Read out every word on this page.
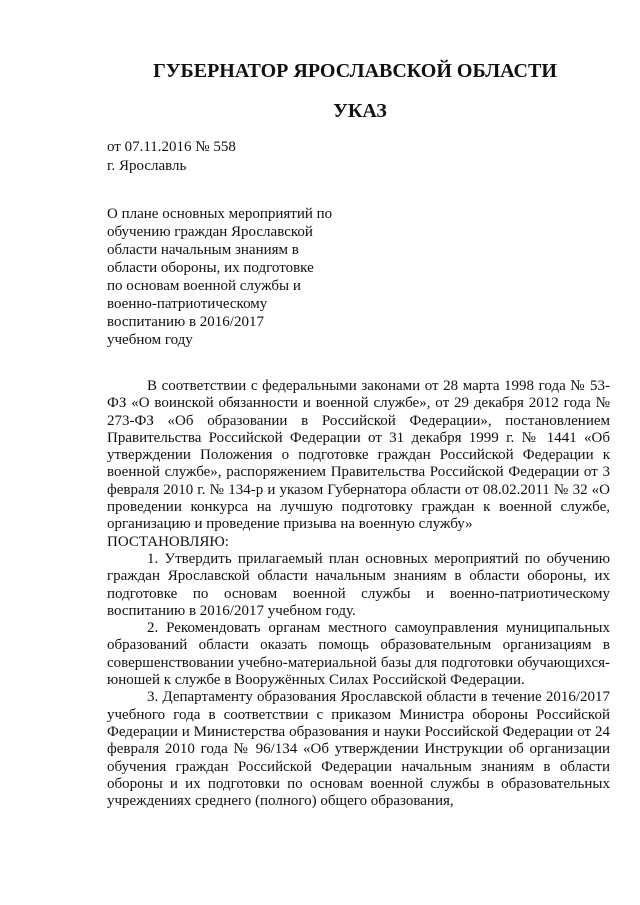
ГУБЕРНАТОР ЯРОСЛАВСКОЙ ОБЛАСТИ
УКАЗ
от 07.11.2016 № 558
г. Ярославль
О плане основных мероприятий по
обучению граждан Ярославской
области начальным знаниям в
области обороны, их подготовке
по основам военной службы и
военно-патриотическому
воспитанию в 2016/2017
учебном году

В соответствии с федеральными законами от 28 марта 1998 года № 53-ФЗ «О воинской обязанности и военной службе», от 29 декабря 2012 года № 273-ФЗ «Об образовании в Российской Федерации», постановлением Правительства Российской Федерации от 31 декабря 1999 г. № 1441 «Об утверждении Положения о подготовке граждан Российской Федерации к военной службе», распоряжением Правительства Российской Федерации от 3 февраля 2010 г. № 134-р и указом Губернатора области от 08.02.2011 № 32 «О проведении конкурса на лучшую подготовку граждан к военной службе, организацию и проведение призыва на военную службу»

ПОСТАНОВЛЯЮ:

1. Утвердить прилагаемый план основных мероприятий по обучению граждан Ярославской области начальным знаниям в области обороны, их подготовке по основам военной службы и военно-патриотическому воспитанию в 2016/2017 учебном году.

2. Рекомендовать органам местного самоуправления муниципальных образований области оказать помощь образовательным организациям в совершенствовании учебно-материальной базы для подготовки обучающихся-юношей к службе в Вооружённых Силах Российской Федерации.

3. Департаменту образования Ярославской области в течение 2016/2017 учебного года в соответствии с приказом Министра обороны Российской Федерации и Министерства образования и науки Российской Федерации от 24 февраля 2010 года № 96/134 «Об утверждении Инструкции об организации обучения граждан Российской Федерации начальным знаниям в области обороны и их подготовки по основам военной службы в образовательных учреждениях среднего (полного) общего образования,
